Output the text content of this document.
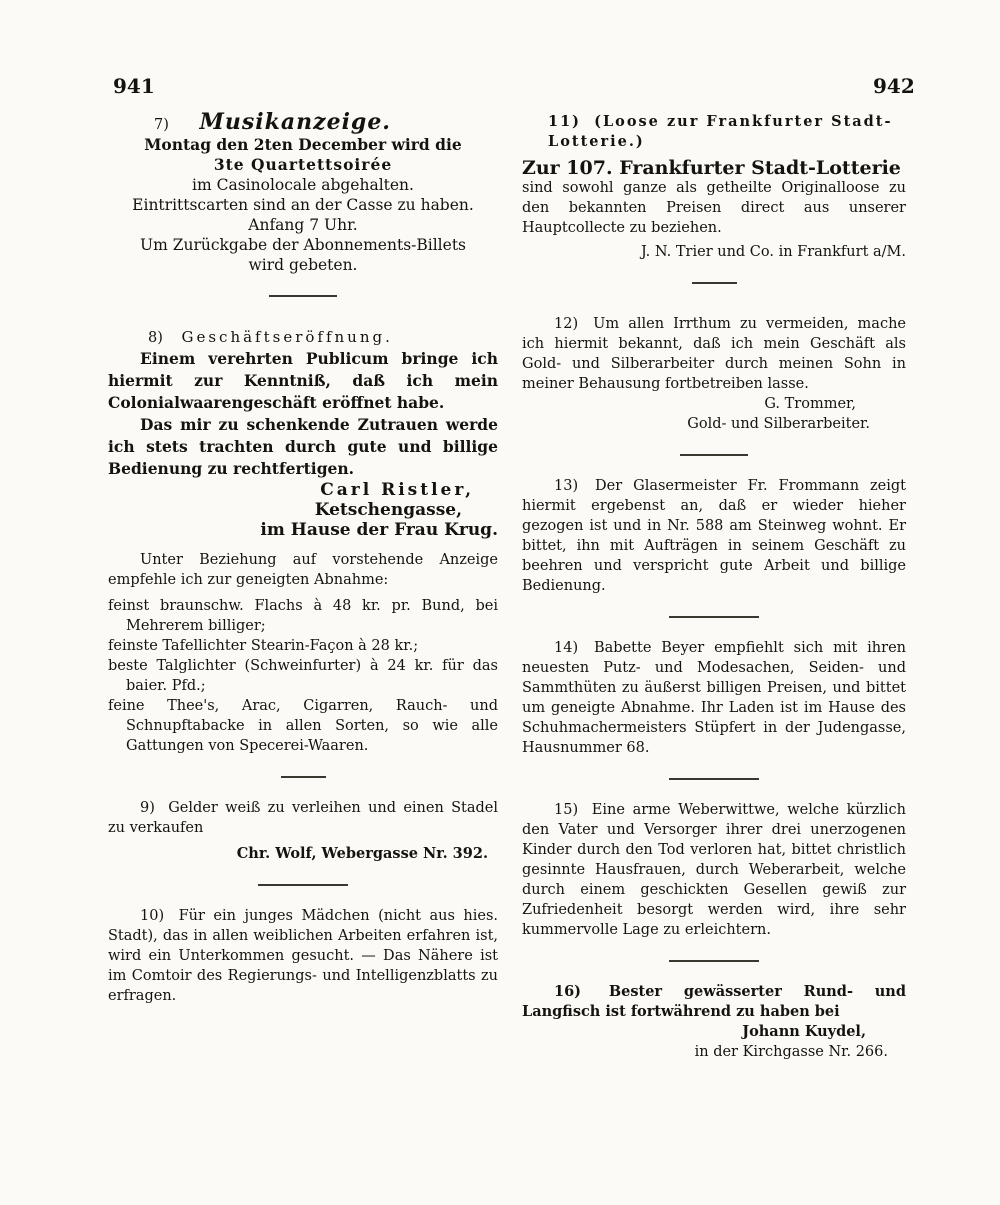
941	942

7) Musikanzeige.

Montag den 2ten December wird die

3te Quartettsoirée

im Casinolocale abgehalten.

Eintrittscarten sind an der Casse zu haben.

Anfang 7 Uhr.

Um Zurückgabe der Abonnements-Billets

wird gebeten.

8) Geschäftseröffnung.

Einem verehrten Publicum bringe ich hiermit zur Kenntniß, daß ich mein Colonialwaarengeschäft eröffnet habe.

Das mir zu schenkende Zutrauen werde ich stets trachten durch gute und billige Bedienung zu rechtfertigen.

Carl Ristler,

Ketschengasse,

im Hause der Frau Krug.

Unter Beziehung auf vorstehende Anzeige empfehle ich zur geneigten Abnahme:

feinst braunschw. Flachs à 48 kr. pr. Bund, bei Mehrerem billiger;

feinste Tafellichter Stearin-Façon à 28 kr.;

beste Talglichter (Schweinfurter) à 24 kr. für das baier. Pfd.;

feine Thee's, Arac, Cigarren, Rauch- und Schnupftabacke in allen Sorten, so wie alle Gattungen von Specerei-Waaren.

9) Gelder weiß zu verleihen und einen Stadel zu verkaufen

Chr. Wolf, Webergasse Nr. 392.

10) Für ein junges Mädchen (nicht aus hies. Stadt), das in allen weiblichen Arbeiten erfahren ist, wird ein Unterkommen gesucht. — Das Nähere ist im Comtoir des Regierungs- und Intelligenzblatts zu erfragen.

11) (Loose zur Frankfurter Stadt-Lotterie.)

Zur 107. Frankfurter Stadt-Lotterie

sind sowohl ganze als getheilte Originalloose zu den bekannten Preisen direct aus unserer Hauptcollecte zu beziehen.

J. N. Trier und Co. in Frankfurt a/M.

12) Um allen Irrthum zu vermeiden, mache ich hiermit bekannt, daß ich mein Geschäft als Gold- und Silberarbeiter durch meinen Sohn in meiner Behausung fortbetreiben lasse.

G. Trommer,

Gold- und Silberarbeiter.

13) Der Glasermeister Fr. Frommann zeigt hiermit ergebenst an, daß er wieder hieher gezogen ist und in Nr. 588 am Steinweg wohnt. Er bittet, ihn mit Aufträgen in seinem Geschäft zu beehren und verspricht gute Arbeit und billige Bedienung.

14) Babette Beyer empfiehlt sich mit ihren neuesten Putz- und Modesachen, Seiden- und Sammthüten zu äußerst billigen Preisen, und bittet um geneigte Abnahme. Ihr Laden ist im Hause des Schuhmachermeisters Stüpfert in der Judengasse, Hausnummer 68.

15) Eine arme Weberwittwe, welche kürzlich den Vater und Versorger ihrer drei unerzogenen Kinder durch den Tod verloren hat, bittet christlich gesinnte Hausfrauen, durch Weberarbeit, welche durch einem geschickten Gesellen gewiß zur Zufriedenheit besorgt werden wird, ihre sehr kummervolle Lage zu erleichtern.

16) Bester gewässerter Rund- und Langfisch ist fortwährend zu haben bei

Johann Kuydel,

in der Kirchgasse Nr. 266.
